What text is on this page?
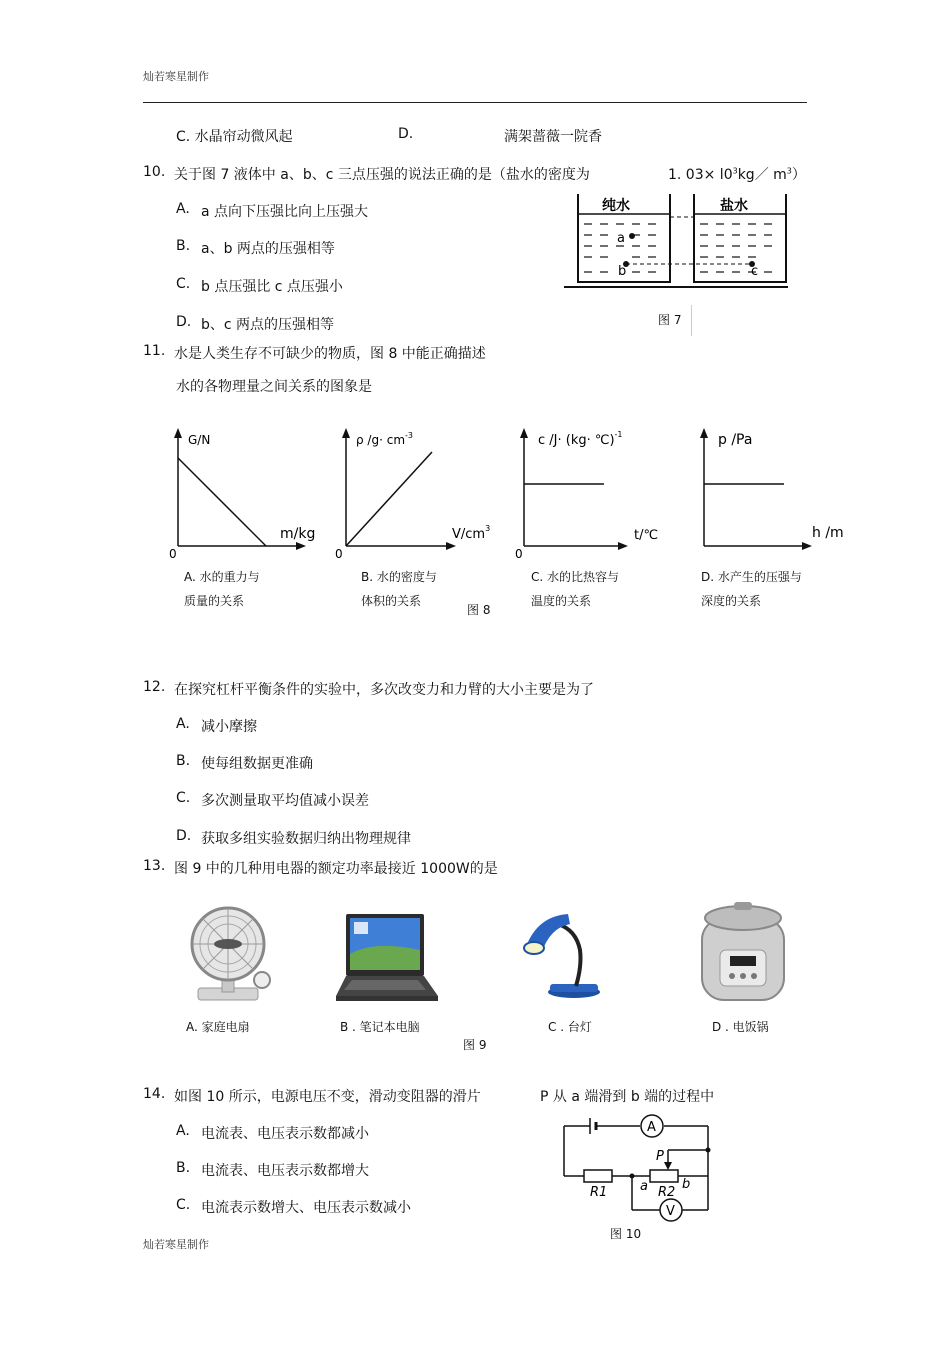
灿若寒星制作
C. 水晶帘动微风起	D.	满架蔷薇一院香
10. 关于图 7 液体中 a、b、c 三点压强的说法正确的是（盐水的密度为	1. $03\times l0^3kg/$ $m^3$）
A. a 点向下压强比向上压强大
B. a、b 两点的压强相等
C. b 点压强比 c 点压强小
D. b、c 两点的压强相等
纯水	盐水
a
b	c
图 7
11. 水是人类生存不可缺少的物质，图 8 中能正确描述
水的各物理量之间关系的图象是
G/N
m/kg
0
ρ $/g\cdot cm^{-3}$
$V/cm^3$
0
c /J· (kg· ℃)$^{-1}$
t/℃
0
p /Pa
h /m
A. 水的重力与
质量的关系
B. 水的密度与
体积的关系
C. 水的比热容与
温度的关系
D. 水产生的压强与
深度的关系
图 8
12. 在探究杠杆平衡条件的实验中，多次改变力和力臂的大小主要是为了
A. 减小摩擦
B. 使每组数据更准确
C. 多次测量取平均值减小误差
D. 获取多组实验数据归纳出物理规律
13. 图 9 中的几种用电器的额定功率最接近 1000W的是
A. 家庭电扇	B . 笔记本电脑	C . 台灯	D . 电饭锅
图 9
14. 如图 10 所示，电源电压不变，滑动变阻器的滑片	P 从 a 端滑到 b 端的过程中
A. 电流表、电压表示数都减小
B. 电流表、电压表示数都增大
C. 电流表示数增大、电压表示数减小
A
V
P
R1	R2
a	b
图 10
灿若寒星制作
